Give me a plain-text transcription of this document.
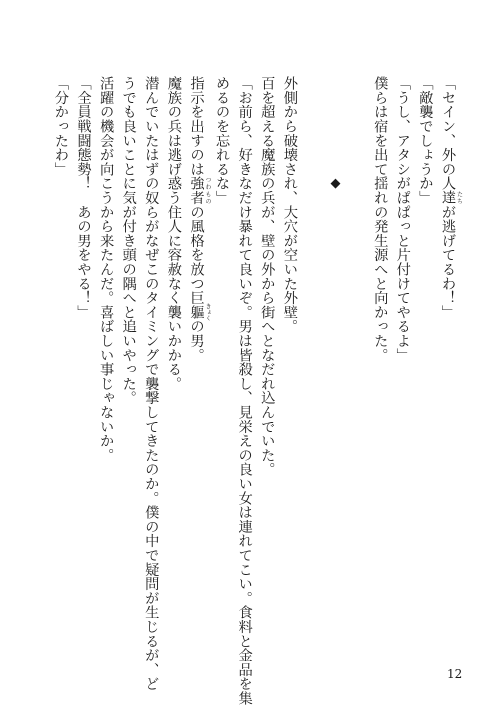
「セイン、外の人達 たちが逃げてるわ！」
「敵襲でしょうか」
「うし、アタシがぱぱっと片付けてやるよ」
僕らは宿を出て揺れの発生源へと向かった。
◆
外側から破壊され、大穴が空いた外壁。
百を超える魔族の兵が、壁の外から街へとなだれ込んでいた。
「お前ら、好きなだけ暴れて良いぞ。男は皆殺し、見栄えの良い女は連れてこい。食料と金品を集
めるのを忘れるな」
指示を出すのは強者 つわものの風格を放つ巨軀 きょくの男。
魔族の兵は逃げ惑う住人に容赦なく襲いかかる。
潜んでいたはずの奴らがなぜこのタイミングで襲撃してきたのか。僕の中で疑問が生じるが、ど
うでも良いことに気が付き頭の隅へと追いやった。
活躍の機会が向こうから来たんだ。喜ばしい事じゃないか。
「全員戦闘態勢！　あの男をやる！」
「分かったわ」
12
